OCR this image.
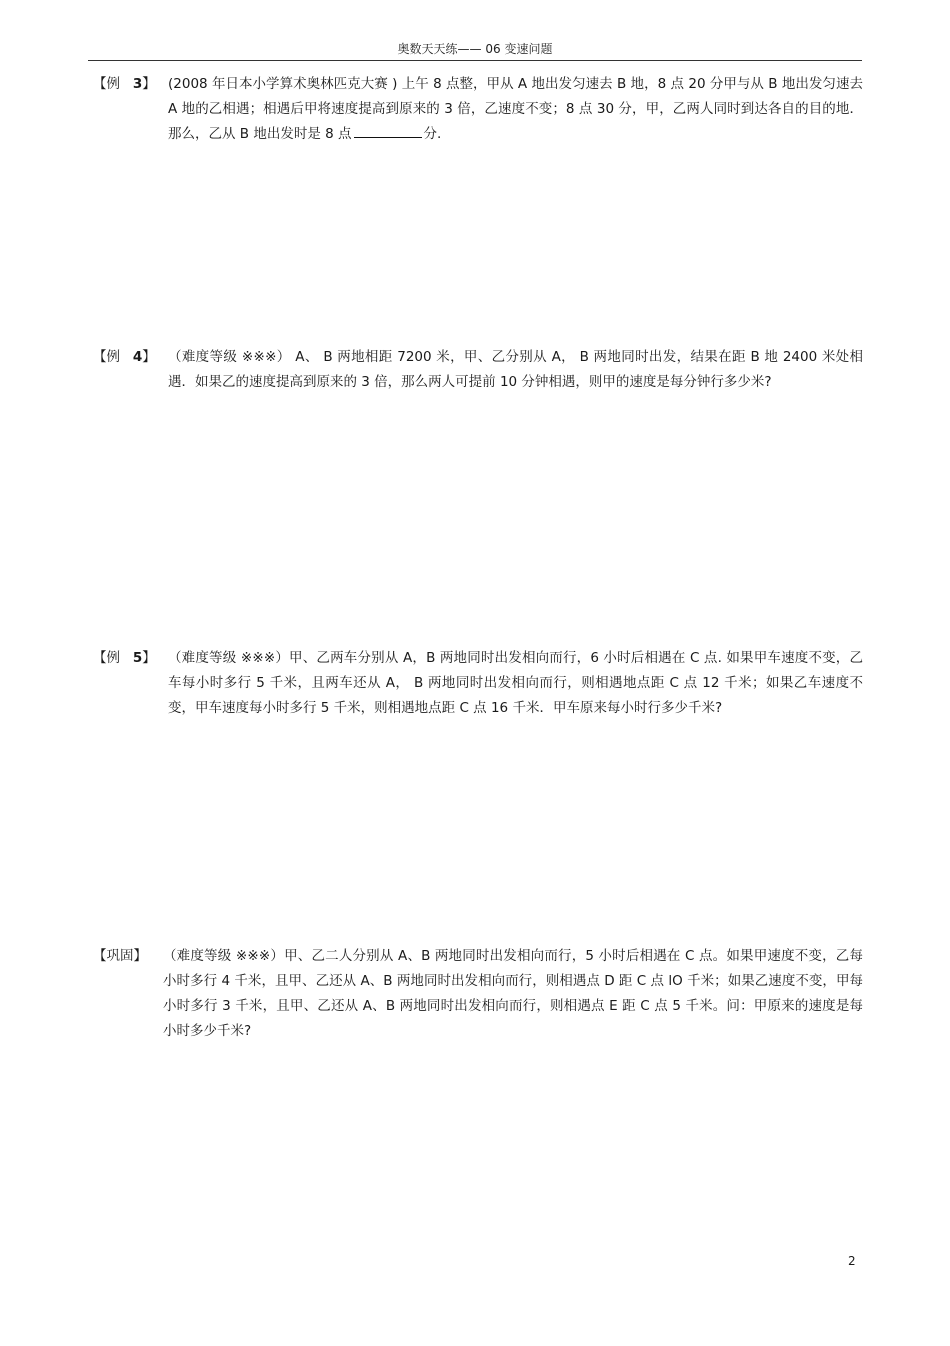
奥数天天练—— 06 变速问题
【例 3】 (2008 年日本小学算术奥林匹克大赛 ) 上午 8 点整，甲从 A 地出发匀速去 B 地，8 点 20 分甲与从 B 地出发匀速去 A 地的乙相遇；相遇后甲将速度提高到原来的 3 倍，乙速度不变；8 点 30 分，甲，乙两人同时到达各自的目的地．那么，乙从 B 地出发时是 8 点	分.
【例 4】 （难度等级 ※※※） A、 B 两地相距 7200 米，甲、乙分别从 A， B 两地同时出发，结果在距 B 地 2400 米处相遇．如果乙的速度提高到原来的 3 倍，那么两人可提前 10 分钟相遇，则甲的速度是每分钟行多少米?
【例 5】 （难度等级 ※※※）甲、乙两车分别从 A，B 两地同时出发相向而行，6 小时后相遇在 C 点. 如果甲车速度不变，乙车每小时多行 5 千米，且两车还从 A， B 两地同时出发相向而行，则相遇地点距 C 点 12 千米；如果乙车速度不变，甲车速度每小时多行 5 千米，则相遇地点距 C 点 16 千米．甲车原来每小时行多少千米?
【巩固】 （难度等级 ※※※）甲、乙二人分别从 A、B 两地同时出发相向而行，5 小时后相遇在 C 点。如果甲速度不变，乙每小时多行 4 千米，且甲、乙还从 A、B 两地同时出发相向而行，则相遇点 D 距 C 点 lO 千米；如果乙速度不变，甲每小时多行 3 千米，且甲、乙还从 A、B 两地同时出发相向而行，则相遇点 E 距 C 点 5 千米。问：甲原来的速度是每小时多少千米?
2
